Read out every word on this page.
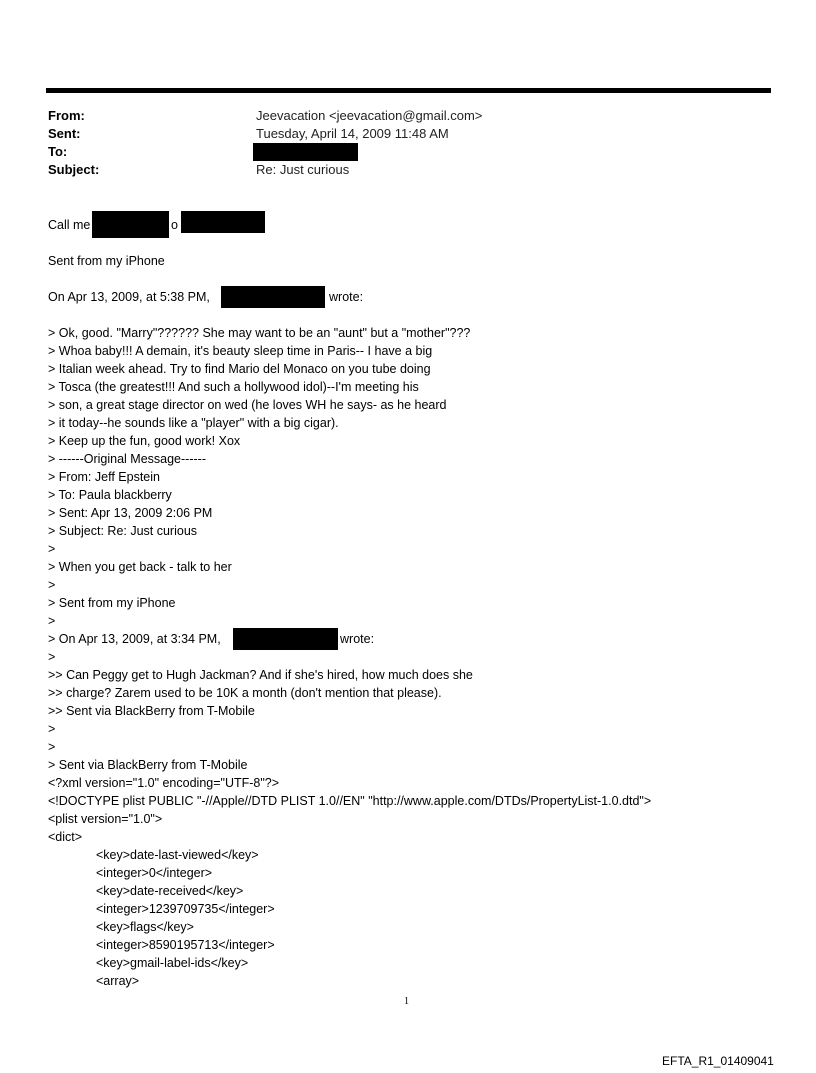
From:	Jeevacation <jeevacation@gmail.com>
Sent:	Tuesday, April 14, 2009 11:48 AM
To:
Subject:	Re: Just curious
Call me	o
Sent from my iPhone
On Apr 13, 2009, at 5:38 PM,	wrote:
> Ok, good. "Marry"?????? She may want to be an "aunt" but a "mother"???
> Whoa baby!!! A demain, it's beauty sleep time in Paris-- I have a big
> Italian week ahead. Try to find Mario del Monaco on you tube doing
> Tosca (the greatest!!! And such a hollywood idol)--I'm meeting his
> son, a great stage director on wed (he loves WH he says- as he heard
> it today--he sounds like a "player" with a big cigar).
> Keep up the fun, good work! Xox
> ------Original Message------
> From: Jeff Epstein
> To: Paula blackberry
> Sent: Apr 13, 2009 2:06 PM
> Subject: Re: Just curious
>
> When you get back - talk to her
>
> Sent from my iPhone
>
> On Apr 13, 2009, at 3:34 PM,	wrote:
>
>> Can Peggy get to Hugh Jackman? And if she's hired, how much does she
>> charge? Zarem used to be 10K a month (don't mention that please).
>> Sent via BlackBerry from T-Mobile
>
>
> Sent via BlackBerry from T-Mobile
<?xml version="1.0" encoding="UTF-8"?>
<!DOCTYPE plist PUBLIC "-//Apple//DTD PLIST 1.0//EN" "http://www.apple.com/DTDs/PropertyList-1.0.dtd">
<plist version="1.0">
<dict>
<key>date-last-viewed</key>
<integer>0</integer>
<key>date-received</key>
<integer>1239709735</integer>
<key>flags</key>
<integer>8590195713</integer>
<key>gmail-label-ids</key>
<array>
1
EFTA_R1_01409041
